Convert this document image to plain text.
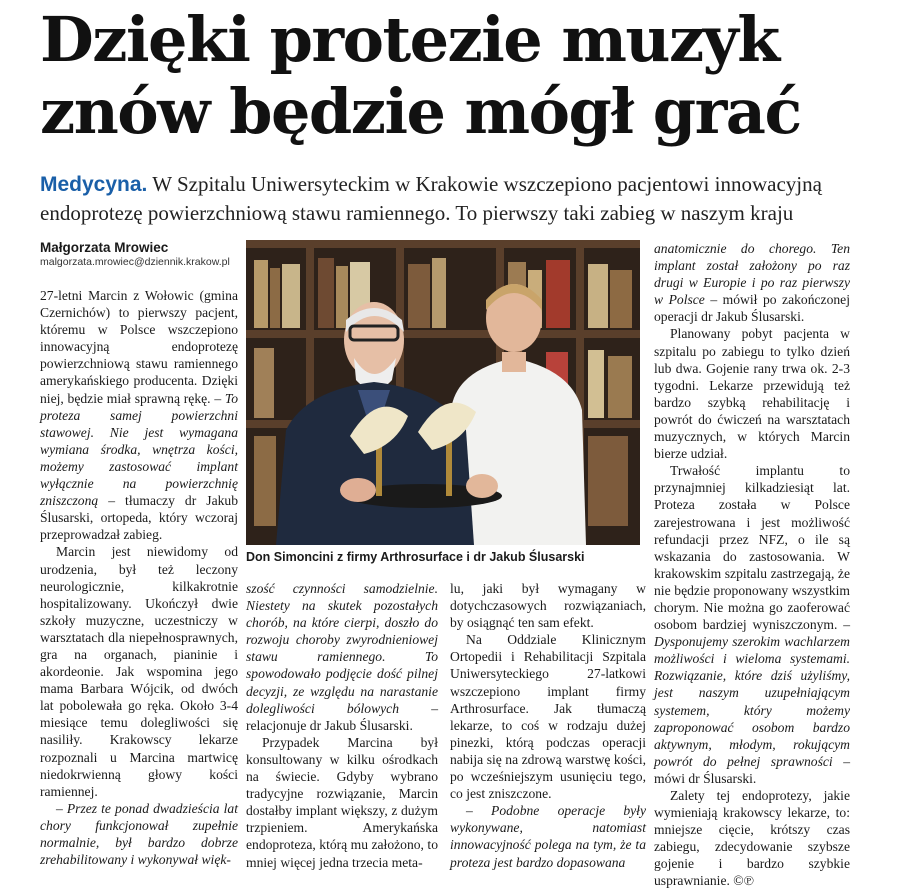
Dzięki protezie muzyk znów będzie mógł grać

Medycyna. W Szpitalu Uniwersyteckim w Krakowie wszczepiono pacjentowi innowacyjną endoprotezę powierzchniową stawu ramiennego. To pierwszy taki zabieg w naszym kraju

Małgorzata Mrowiec
malgorzata.mrowiec@dziennik.krakow.pl

27-letni Marcin z Wołowic (gmina Czernichów) to pierwszy pacjent, któremu w Polsce wszczepiono innowacyjną endoprotezę powierzchniową stawu ramiennego amerykańskiego producenta. Dzięki niej, będzie miał sprawną rękę. – To proteza samej powierzchni stawowej. Nie jest wymagana wymiana środka, wnętrza kości, możemy zastosować implant wyłącznie na powierzchnię zniszczoną – tłumaczy dr Jakub Ślusarski, ortopeda, który wczoraj przeprowadzał zabieg.

Marcin jest niewidomy od urodzenia, był też leczony neurologicznie, kilkakrotnie hospitalizowany. Ukończył dwie szkoły muzyczne, uczestniczy w warsztatach dla niepełnosprawnych, gra na organach, pianinie i akordeonie. Jak wspomina jego mama Barbara Wójcik, od dwóch lat pobolewała go ręka. Około 3-4 miesiące temu dolegliwości się nasiliły. Krakowscy lekarze rozpoznali u Marcina martwicę niedokrwienną głowy kości ramiennej.

– Przez te ponad dwadzieścia lat chory funkcjonował zupełnie normalnie, był bardzo dobrze zrehabilitowany i wykonywał więk-

FOT. JOANNA URBANIEC

Don Simoncini z firmy Arthrosurface i dr Jakub Ślusarski

szość czynności samodzielnie. Niestety na skutek pozostałych chorób, na które cierpi, doszło do rozwoju choroby zwyrodnieniowej stawu ramiennego. To spowodowało podjęcie dość pilnej decyzji, ze względu na narastanie dolegliwości bólowych – relacjonuje dr Jakub Ślusarski.

Przypadek Marcina był konsultowany w kilku ośrodkach na świecie. Gdyby wybrano tradycyjne rozwiązanie, Marcin dostałby implant większy, z dużym trzpieniem. Amerykańska endoproteza, którą mu założono, to mniej więcej jedna trzecia meta-

lu, jaki był wymagany w dotychczasowych rozwiązaniach, by osiągnąć ten sam efekt.

Na Oddziale Klinicznym Ortopedii i Rehabilitacji Szpitala Uniwersyteckiego 27-latkowi wszczepiono implant firmy Arthrosurface. Jak tłumaczą lekarze, to coś w rodzaju dużej pinezki, którą podczas operacji nabija się na zdrową warstwę kości, po wcześniejszym usunięciu tego, co jest zniszczone.

– Podobne operacje były wykonywane, natomiast innowacyjność polega na tym, że ta proteza jest bardzo dopasowana

anatomicznie do chorego. Ten implant został założony po raz drugi w Europie i po raz pierwszy w Polsce – mówił po zakończonej operacji dr Jakub Ślusarski.

Planowany pobyt pacjenta w szpitalu po zabiegu to tylko dzień lub dwa. Gojenie rany trwa ok. 2-3 tygodni. Lekarze przewidują też bardzo szybką rehabilitację i powrót do ćwiczeń na warsztatach muzycznych, w których Marcin bierze udział.

Trwałość implantu to przynajmniej kilkadziesiąt lat. Proteza została w Polsce zarejestrowana i jest możliwość refundacji przez NFZ, o ile są wskazania do zastosowania. W krakowskim szpitalu zastrzegają, że nie będzie proponowany wszystkim chorym. Nie można go zaoferować osobom bardziej wyniszczonym. – Dysponujemy szerokim wachlarzem możliwości i wieloma systemami. Rozwiązanie, które dziś użyliśmy, jest naszym uzupełniającym systemem, który możemy zaproponować osobom bardzo aktywnym, młodym, rokującym powrót do pełnej sprawności – mówi dr Ślusarski.

Zalety tej endoprotezy, jakie wymieniają krakowscy lekarze, to: mniejsze cięcie, krótszy czas zabiegu, zdecydowanie szybsze gojenie i bardzo szybkie usprawnianie. ©℗
